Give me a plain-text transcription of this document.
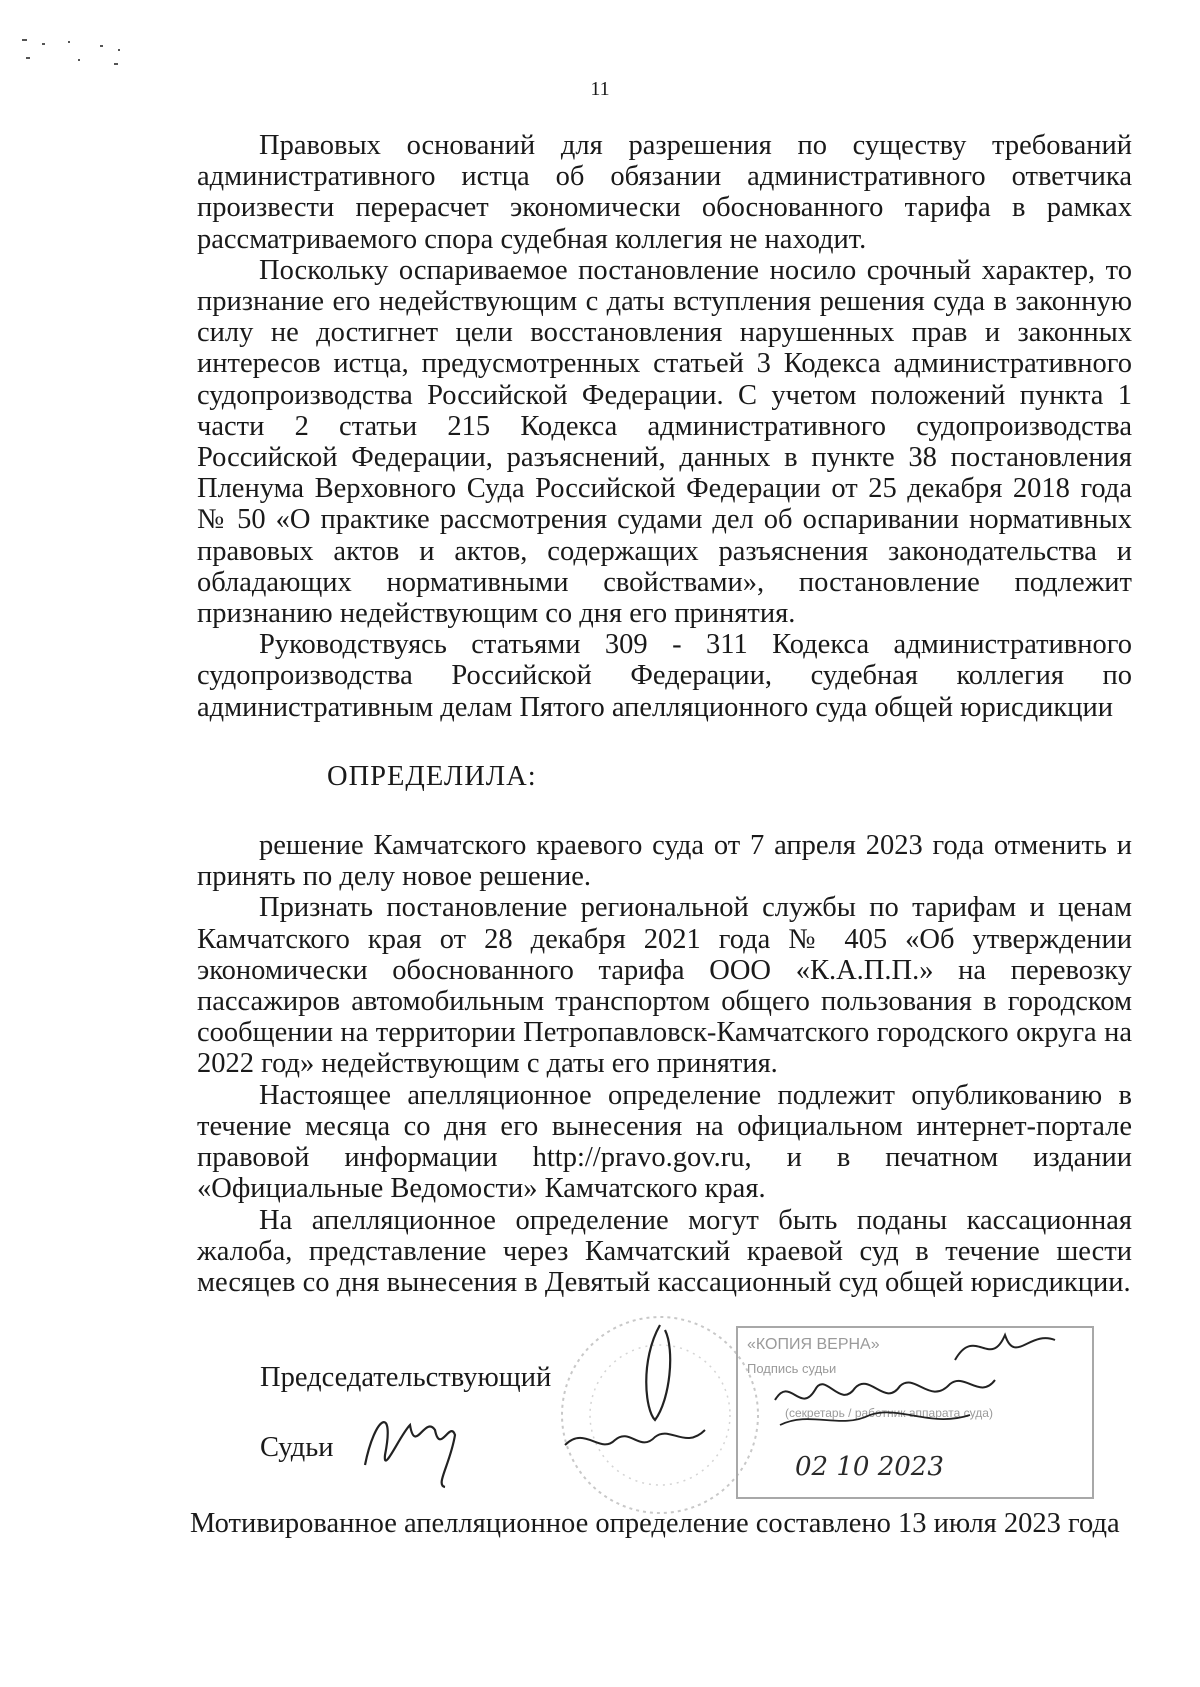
11

Правовых оснований для разрешения по существу требований административного истца об обязании административного ответчика произвести перерасчет экономически обоснованного тарифа в рамках рассматриваемого спора судебная коллегия не находит.

Поскольку оспариваемое постановление носило срочный характер, то признание его недействующим с даты вступления решения суда в законную силу не достигнет цели восстановления нарушенных прав и законных интересов истца, предусмотренных статьей 3 Кодекса административного судопроизводства Российской Федерации. С учетом положений пункта 1 части 2 статьи 215 Кодекса административного судопроизводства Российской Федерации, разъяснений, данных в пункте 38 постановления Пленума Верховного Суда Российской Федерации от 25 декабря 2018 года № 50 «О практике рассмотрения судами дел об оспаривании нормативных правовых актов и актов, содержащих разъяснения законодательства и обладающих нормативными свойствами», постановление подлежит признанию недействующим со дня его принятия.

Руководствуясь статьями 309 - 311 Кодекса административного судопроизводства Российской Федерации, судебная коллегия по административным делам Пятого апелляционного суда общей юрисдикции

ОПРЕДЕЛИЛА:

решение Камчатского краевого суда от 7 апреля 2023 года отменить и принять по делу новое решение.

Признать постановление региональной службы по тарифам и ценам Камчатского края от 28 декабря 2021 года № 405 «Об утверждении экономически обоснованного тарифа ООО «К.А.П.П.» на перевозку пассажиров автомобильным транспортом общего пользования в городском сообщении на территории Петропавловск-Камчатского городского округа на 2022 год» недействующим с даты его принятия.

Настоящее апелляционное определение подлежит опубликованию в течение месяца со дня его вынесения на официальном интернет-портале правовой информации http://pravo.gov.ru, и в печатном издании «Официальные Ведомости» Камчатского края.

На апелляционное определение могут быть поданы кассационная жалоба, представление через Камчатский краевой суд в течение шести месяцев со дня вынесения в Девятый кассационный суд общей юрисдикции.

«КОПИЯ ВЕРНА»
Подпись судьи
(секретарь / работник аппарата суда)
02 10 2023
Председательствующий
Судьи
Мотивированное апелляционное определение составлено 13 июля 2023 года
